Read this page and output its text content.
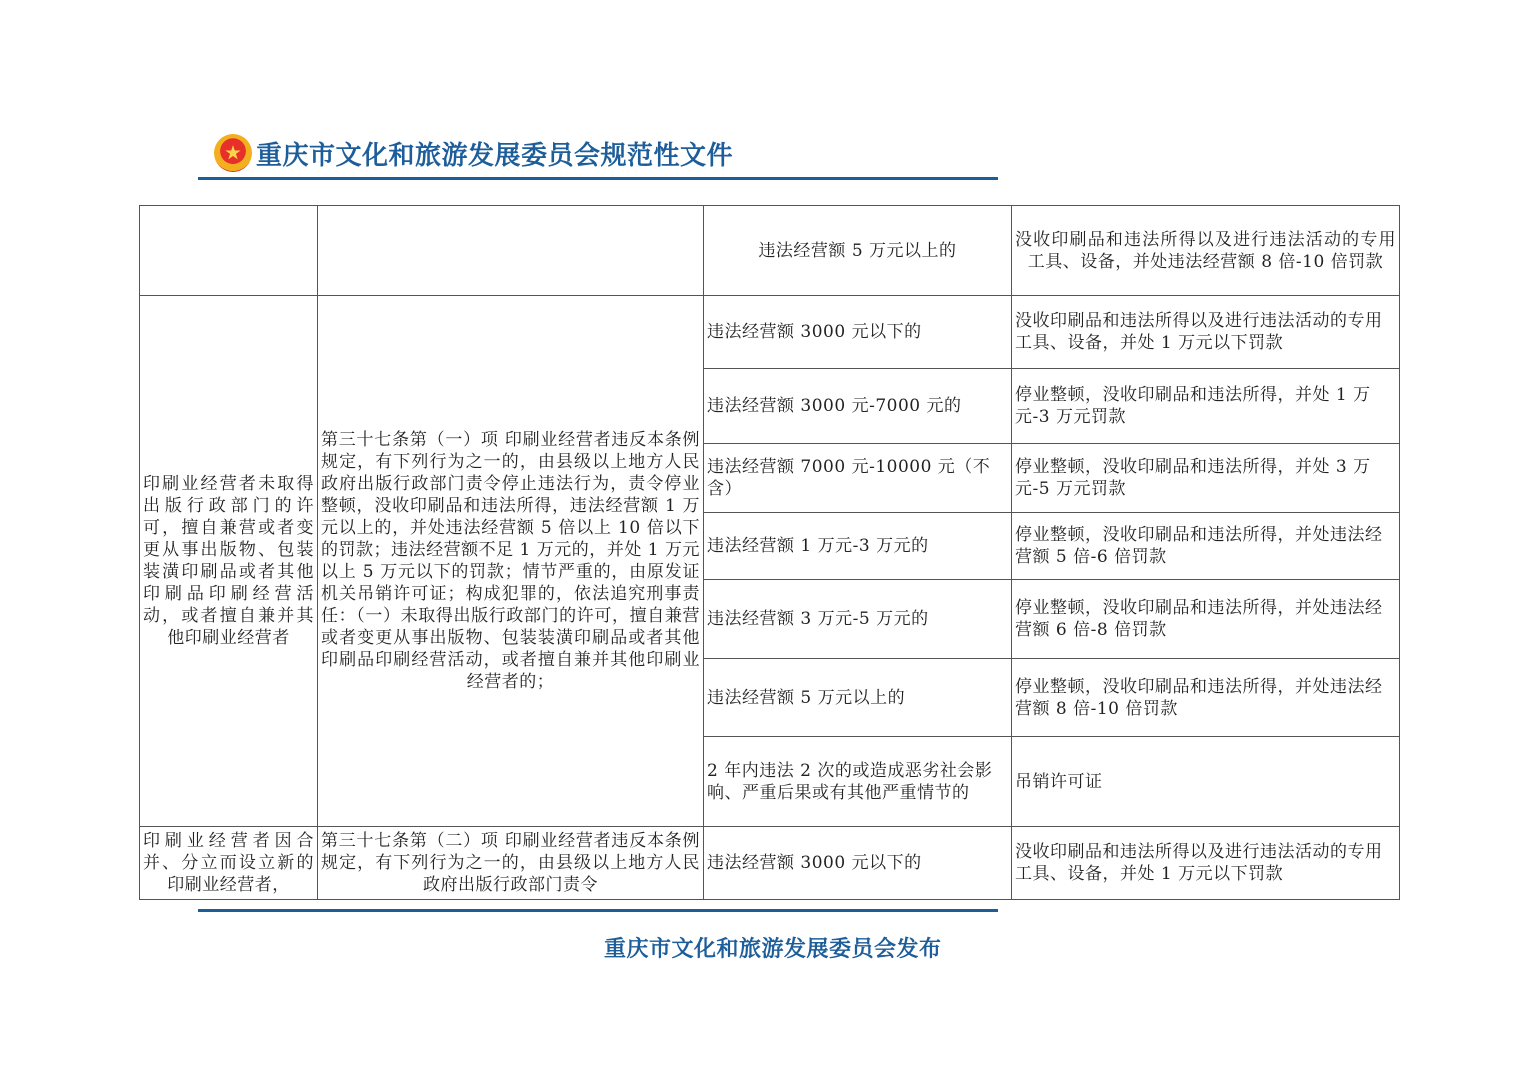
重庆市文化和旅游发展委员会规范性文件
		违法经营额 5 万元以上的	没收印刷品和违法所得以及进行违法活动的专用工具、设备，并处违法经营额 8 倍-10 倍罚款
印刷业经营者未取得出版行政部门的许可，擅自兼营或者变更从事出版物、包装装潢印刷品或者其他印刷品印刷经营活动，或者擅自兼并其他印刷业经营者	第三十七条第（一）项 印刷业经营者违反本条例规定，有下列行为之一的，由县级以上地方人民政府出版行政部门责令停止违法行为，责令停业整顿，没收印刷品和违法所得，违法经营额 1 万元以上的，并处违法经营额 5 倍以上 10 倍以下的罚款；违法经营额不足 1 万元的，并处 1 万元以上 5 万元以下的罚款；情节严重的，由原发证机关吊销许可证；构成犯罪的，依法追究刑事责任：（一）未取得出版行政部门的许可，擅自兼营或者变更从事出版物、包装装潢印刷品或者其他印刷品印刷经营活动，或者擅自兼并其他印刷业经营者的；	违法经营额 3000 元以下的	没收印刷品和违法所得以及进行违法活动的专用工具、设备，并处 1 万元以下罚款
		违法经营额 3000 元-7000 元的	停业整顿，没收印刷品和违法所得，并处 1 万元-3 万元罚款
		违法经营额 7000 元-10000 元（不含）	停业整顿，没收印刷品和违法所得，并处 3 万元-5 万元罚款
		违法经营额 1 万元-3 万元的	停业整顿，没收印刷品和违法所得，并处违法经营额 5 倍-6 倍罚款
		违法经营额 3 万元-5 万元的	停业整顿，没收印刷品和违法所得，并处违法经营额 6 倍-8 倍罚款
		违法经营额 5 万元以上的	停业整顿，没收印刷品和违法所得，并处违法经营额 8 倍-10 倍罚款
		2 年内违法 2 次的或造成恶劣社会影响、严重后果或有其他严重情节的	吊销许可证
印刷业经营者因合并、分立而设立新的印刷业经营者，	第三十七条第（二）项 印刷业经营者违反本条例规定，有下列行为之一的，由县级以上地方人民政府出版行政部门责令	违法经营额 3000 元以下的	没收印刷品和违法所得以及进行违法活动的专用工具、设备，并处 1 万元以下罚款
重庆市文化和旅游发展委员会发布
